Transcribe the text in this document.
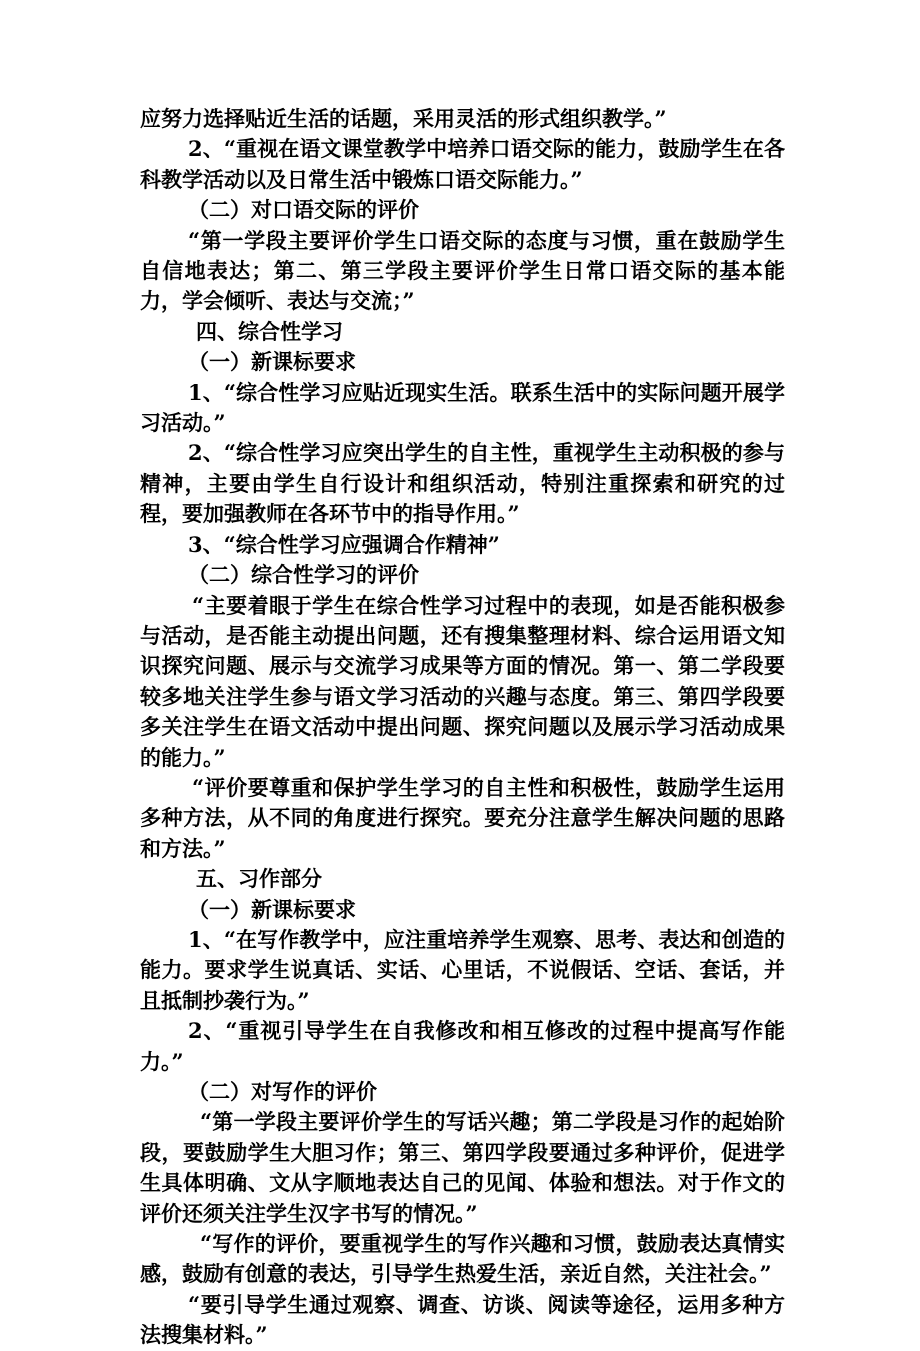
应努力选择贴近生活的话题，采用灵活的形式组织教学。”

2、“重视在语文课堂教学中培养口语交际的能力，鼓励学生在各科教学活动以及日常生活中锻炼口语交际能力。”

（二）对口语交际的评价

“第一学段主要评价学生口语交际的态度与习惯，重在鼓励学生自信地表达；第二、第三学段主要评价学生日常口语交际的基本能力，学会倾听、表达与交流；”

四、综合性学习

（一）新课标要求

1、“综合性学习应贴近现实生活。联系生活中的实际问题开展学习活动。”

2、“综合性学习应突出学生的自主性，重视学生主动积极的参与精神，主要由学生自行设计和组织活动，特别注重探索和研究的过程，要加强教师在各环节中的指导作用。”

3、“综合性学习应强调合作精神”

（二）综合性学习的评价

“主要着眼于学生在综合性学习过程中的表现，如是否能积极参与活动，是否能主动提出问题，还有搜集整理材料、综合运用语文知识探究问题、展示与交流学习成果等方面的情况。第一、第二学段要较多地关注学生参与语文学习活动的兴趣与态度。第三、第四学段要多关注学生在语文活动中提出问题、探究问题以及展示学习活动成果的能力。”

“评价要尊重和保护学生学习的自主性和积极性，鼓励学生运用多种方法，从不同的角度进行探究。要充分注意学生解决问题的思路和方法。”

五、习作部分

（一）新课标要求

1、“在写作教学中，应注重培养学生观察、思考、表达和创造的能力。要求学生说真话、实话、心里话，不说假话、空话、套话，并且抵制抄袭行为。”

2、“重视引导学生在自我修改和相互修改的过程中提高写作能力。”

（二）对写作的评价

“第一学段主要评价学生的写话兴趣；第二学段是习作的起始阶段，要鼓励学生大胆习作；第三、第四学段要通过多种评价，促进学生具体明确、文从字顺地表达自己的见闻、体验和想法。对于作文的评价还须关注学生汉字书写的情况。”

“写作的评价，要重视学生的写作兴趣和习惯，鼓励表达真情实感，鼓励有创意的表达，引导学生热爱生活，亲近自然，关注社会。”

“要引导学生通过观察、调查、访谈、阅读等途径，运用多种方法搜集材料。”
